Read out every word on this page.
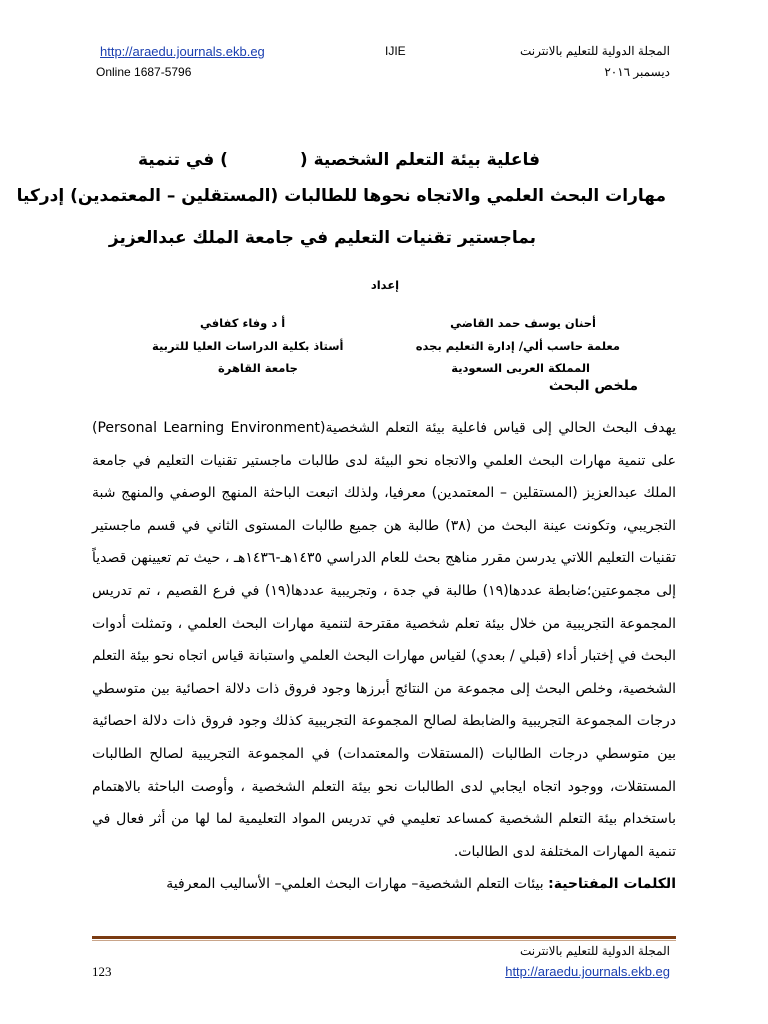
http://araedu.journals.ekb.eg
Online 1687-5796
IJIE	المجلة الدولية للتعليم بالانترنت
ديسمبر ٢٠١٦
فاعلية بيئة التعلم الشخصية (
) في تنمية
مهارات البحث العلمي والاتجاه نحوها للطالبات (المستقلين – المعتمدين) إدركيا
بماجستير تقنيات التعليم في جامعة الملك عبدالعزيز
إعداد
أحنان يوسف حمد القاضي
معلمة حاسب ألي/ إدارة التعليم بجده
المملكة العربى السعودية
أ د وفاء كفافي
أستاذ بكلية الدراسات العليا للتربية
جامعة القاهرة
ملخص البحث

يهدف البحث الحالي إلى قياس فاعلية بيئة التعلم الشخصية(Personal Learning Environment) على تنمية مهارات البحث العلمي والاتجاه نحو البيئة لدى طالبات ماجستير تقنيات التعليم في جامعة الملك عبدالعزيز (المستقلين – المعتمدين) معرفيا، ولذلك اتبعت الباحثة المنهج الوصفي والمنهج شبة التجريبي، وتكونت عينة البحث من (٣٨) طالبة هن جميع طالبات المستوى الثاني في قسم ماجستير تقنيات التعليم اللاتي يدرسن مقرر مناهج بحث للعام الدراسي ١٤٣٥هـ-١٤٣٦هـ ، حيث تم تعيينهن قصدياً إلى مجموعتين؛ضابطة عددها(١٩) طالبة في جدة ، وتجريبية عددها(١٩) في فرع القصيم ، تم تدريس المجموعة التجريبية من خلال بيئة تعلم شخصية مقترحة لتنمية مهارات البحث العلمي ، وتمثلت أدوات البحث في إختبار أداء (قبلي / بعدي) لقياس مهارات البحث العلمي واستبانة قياس اتجاه نحو بيئة التعلم الشخصية، وخلص البحث إلى مجموعة من النتائج أبرزها وجود فروق ذات دلالة احصائية بين متوسطي درجات المجموعة التجريبية والضابطة لصالح المجموعة التجريبية كذلك وجود فروق ذات دلالة احصائية بين متوسطي درجات الطالبات (المستقلات والمعتمدات) في المجموعة التجريبية لصالح الطالبات المستقلات، ووجود اتجاه ايجابي لدى الطالبات نحو بيئة التعلم الشخصية ، وأوصت الباحثة بالاهتمام باستخدام بيئة التعلم الشخصية كمساعد تعليمي في تدريس المواد التعليمية لما لها من أثر فعال في تنمية المهارات المختلفة لدى الطالبات.

الكلمات المفتاحية: بيئات التعلم الشخصية– مهارات البحث العلمي– الأساليب المعرفية

المجلة الدولية للتعليم بالانترنت
123	http://araedu.journals.ekb.eg
